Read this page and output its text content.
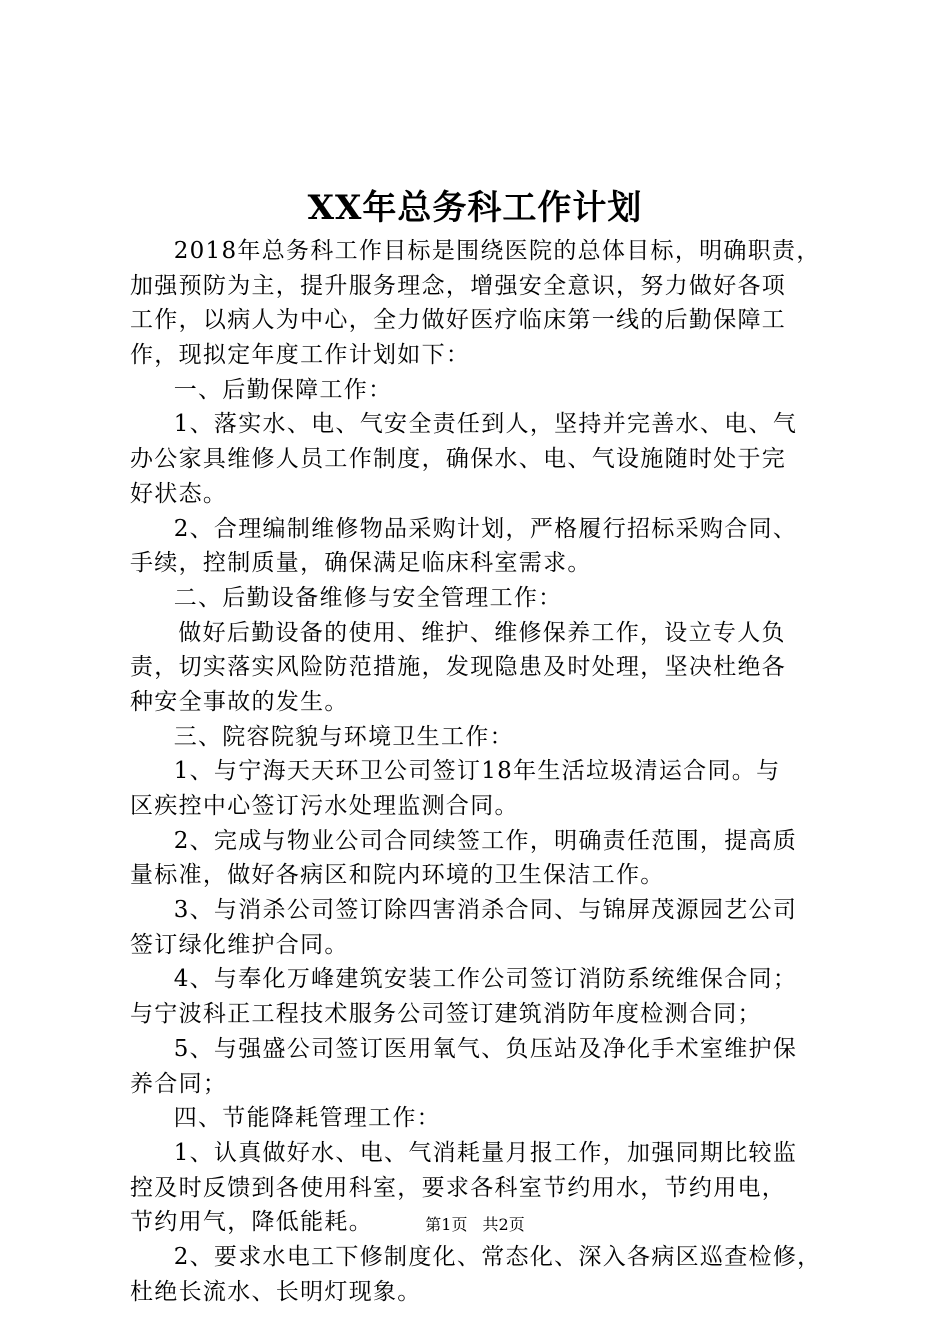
XX年总务科工作计划
2018年总务科工作目标是围绕医院的总体目标，明确职责，
加强预防为主，提升服务理念，增强安全意识，努力做好各项
工作，以病人为中心，全力做好医疗临床第一线的后勤保障工
作，现拟定年度工作计划如下：
一、后勤保障工作：
1、落实水、电、气安全责任到人，坚持并完善水、电、气
办公家具维修人员工作制度，确保水、电、气设施随时处于完
好状态。
2、合理编制维修物品采购计划，严格履行招标采购合同、
手续，控制质量，确保满足临床科室需求。
二、后勤设备维修与安全管理工作：
做好后勤设备的使用、维护、维修保养工作，设立专人负
责，切实落实风险防范措施，发现隐患及时处理，坚决杜绝各
种安全事故的发生。
三、院容院貌与环境卫生工作：
1、与宁海天天环卫公司签订18年生活垃圾清运合同。与
区疾控中心签订污水处理监测合同。
2、完成与物业公司合同续签工作，明确责任范围，提高质
量标准，做好各病区和院内环境的卫生保洁工作。
3、与消杀公司签订除四害消杀合同、与锦屏茂源园艺公司
签订绿化维护合同。
4、与奉化万峰建筑安装工作公司签订消防系统维保合同；
与宁波科正工程技术服务公司签订建筑消防年度检测合同；
5、与强盛公司签订医用氧气、负压站及净化手术室维护保
养合同；
四、节能降耗管理工作：
1、认真做好水、电、气消耗量月报工作，加强同期比较监
控及时反馈到各使用科室，要求各科室节约用水，节约用电，
节约用气，降低能耗。
2、要求水电工下修制度化、常态化、深入各病区巡查检修，
杜绝长流水、长明灯现象。
第1页 共2页
